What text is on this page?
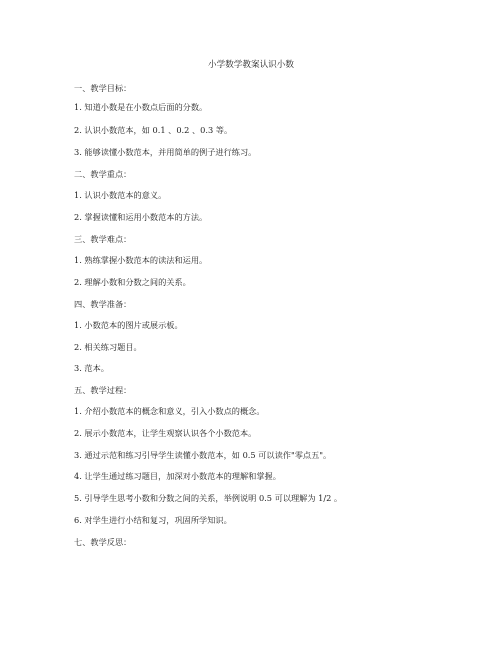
小学数学教案认识小数
一、教学目标：
1. 知道小数是在小数点后面的分数。
2. 认识小数范本，如 0.1 、0.2 、0.3 等。
3. 能够读懂小数范本，并用简单的例子进行练习。
二、教学重点：
1. 认识小数范本的意义。
2. 掌握读懂和运用小数范本的方法。
三、教学难点：
1. 熟练掌握小数范本的读法和运用。
2. 理解小数和分数之间的关系。
四、教学准备：
1. 小数范本的图片或展示板。
2. 相关练习题目。
3. 范本。
五、教学过程：
1. 介绍小数范本的概念和意义，引入小数点的概念。
2. 展示小数范本，让学生观察认识各个小数范本。
3. 通过示范和练习引导学生读懂小数范本，如 0.5 可以读作"零点五"。
4. 让学生通过练习题目，加深对小数范本的理解和掌握。
5. 引导学生思考小数和分数之间的关系，举例说明 0.5 可以理解为 1/2 。
6. 对学生进行小结和复习，巩固所学知识。
七、教学反思：
